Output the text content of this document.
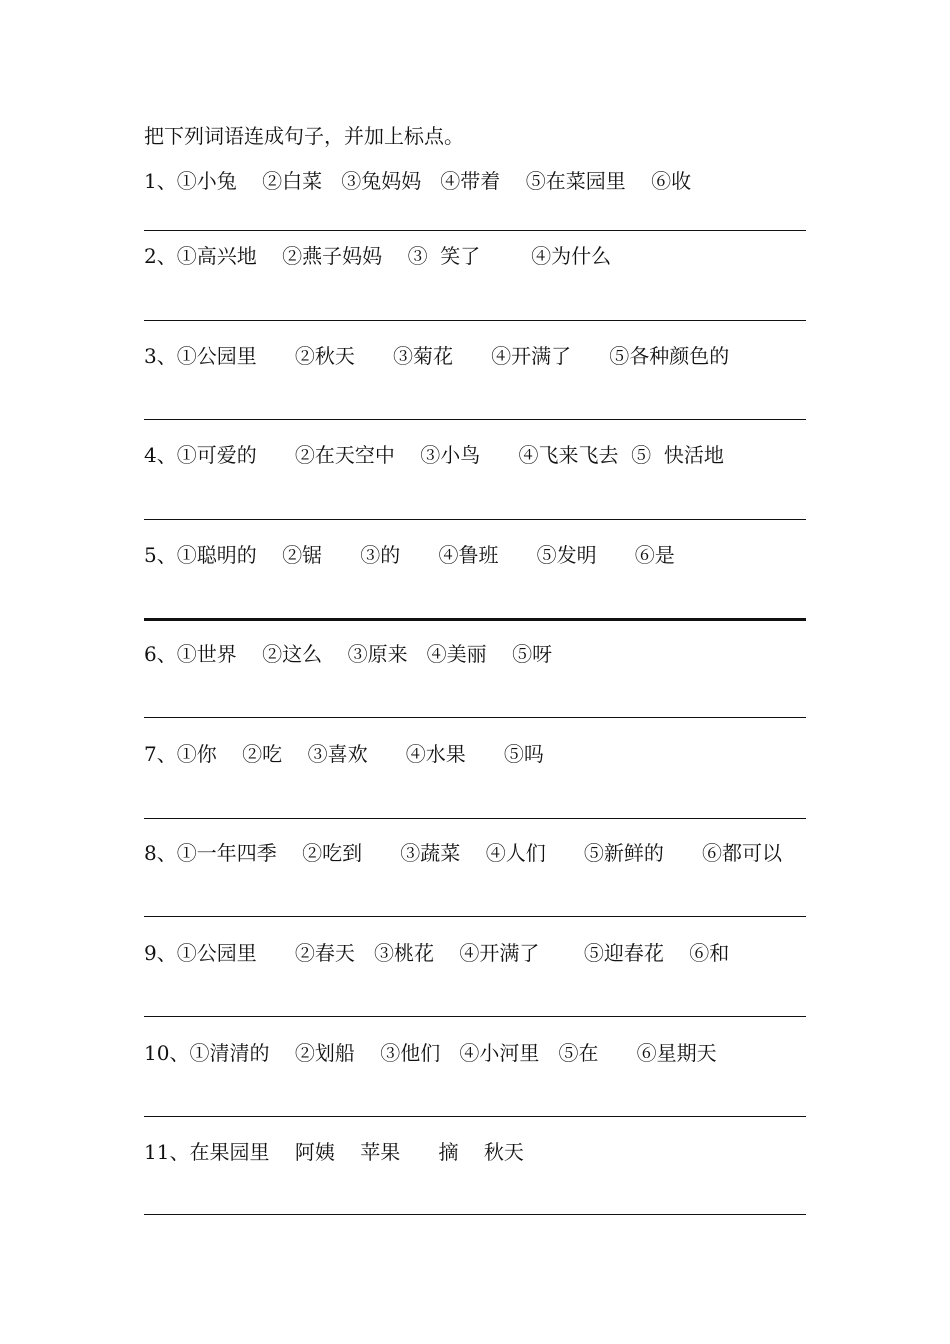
把下列词语连成句子，并加上标点。
1、①小兔    ②白菜   ③兔妈妈   ④带着    ⑤在菜园里    ⑥收
2、①高兴地    ②燕子妈妈    ③  笑了        ④为什么
3、①公园里      ②秋天      ③菊花      ④开满了      ⑤各种颜色的
4、①可爱的      ②在天空中    ③小鸟      ④飞来飞去  ⑤  快活地
5、①聪明的    ②锯      ③的      ④鲁班      ⑤发明      ⑥是
6、①世界    ②这么    ③原来   ④美丽    ⑤呀
7、①你    ②吃    ③喜欢      ④水果      ⑤吗
8、①一年四季    ②吃到      ③蔬菜    ④人们      ⑤新鲜的      ⑥都可以
9、①公园里      ②春天   ③桃花    ④开满了       ⑤迎春花    ⑥和
10、①清清的    ②划船    ③他们   ④小河里   ⑤在      ⑥星期天
11、在果园里    阿姨    苹果      摘    秋天
